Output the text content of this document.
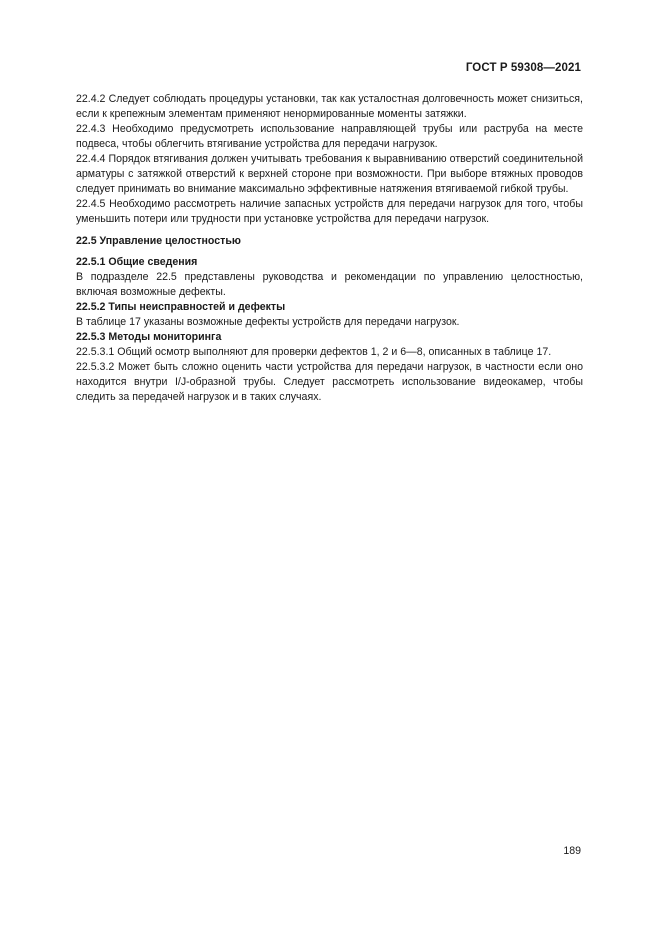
ГОСТ Р 59308—2021

22.4.2 Следует соблюдать процедуры установки, так как усталостная долговечность может снизиться, если к крепежным элементам применяют ненормированные моменты затяжки.

22.4.3 Необходимо предусмотреть использование направляющей трубы или раструба на месте подвеса, чтобы облегчить втягивание устройства для передачи нагрузок.

22.4.4 Порядок втягивания должен учитывать требования к выравниванию отверстий соединительной арматуры с затяжкой отверстий к верхней стороне при возможности. При выборе втяжных проводов следует принимать во внимание максимально эффективные натяжения втягиваемой гибкой трубы.

22.4.5 Необходимо рассмотреть наличие запасных устройств для передачи нагрузок для того, чтобы уменьшить потери или трудности при установке устройства для передачи нагрузок.

22.5 Управление целостностью

22.5.1 Общие сведения

В подразделе 22.5 представлены руководства и рекомендации по управлению целостностью, включая возможные дефекты.

22.5.2 Типы неисправностей и дефекты

В таблице 17 указаны возможные дефекты устройств для передачи нагрузок.

22.5.3 Методы мониторинга

22.5.3.1 Общий осмотр выполняют для проверки дефектов 1, 2 и 6—8, описанных в таблице 17.

22.5.3.2 Может быть сложно оценить части устройства для передачи нагрузок, в частности если оно находится внутри I/J-образной трубы. Следует рассмотреть использование видеокамер, чтобы следить за передачей нагрузок и в таких случаях.

189
